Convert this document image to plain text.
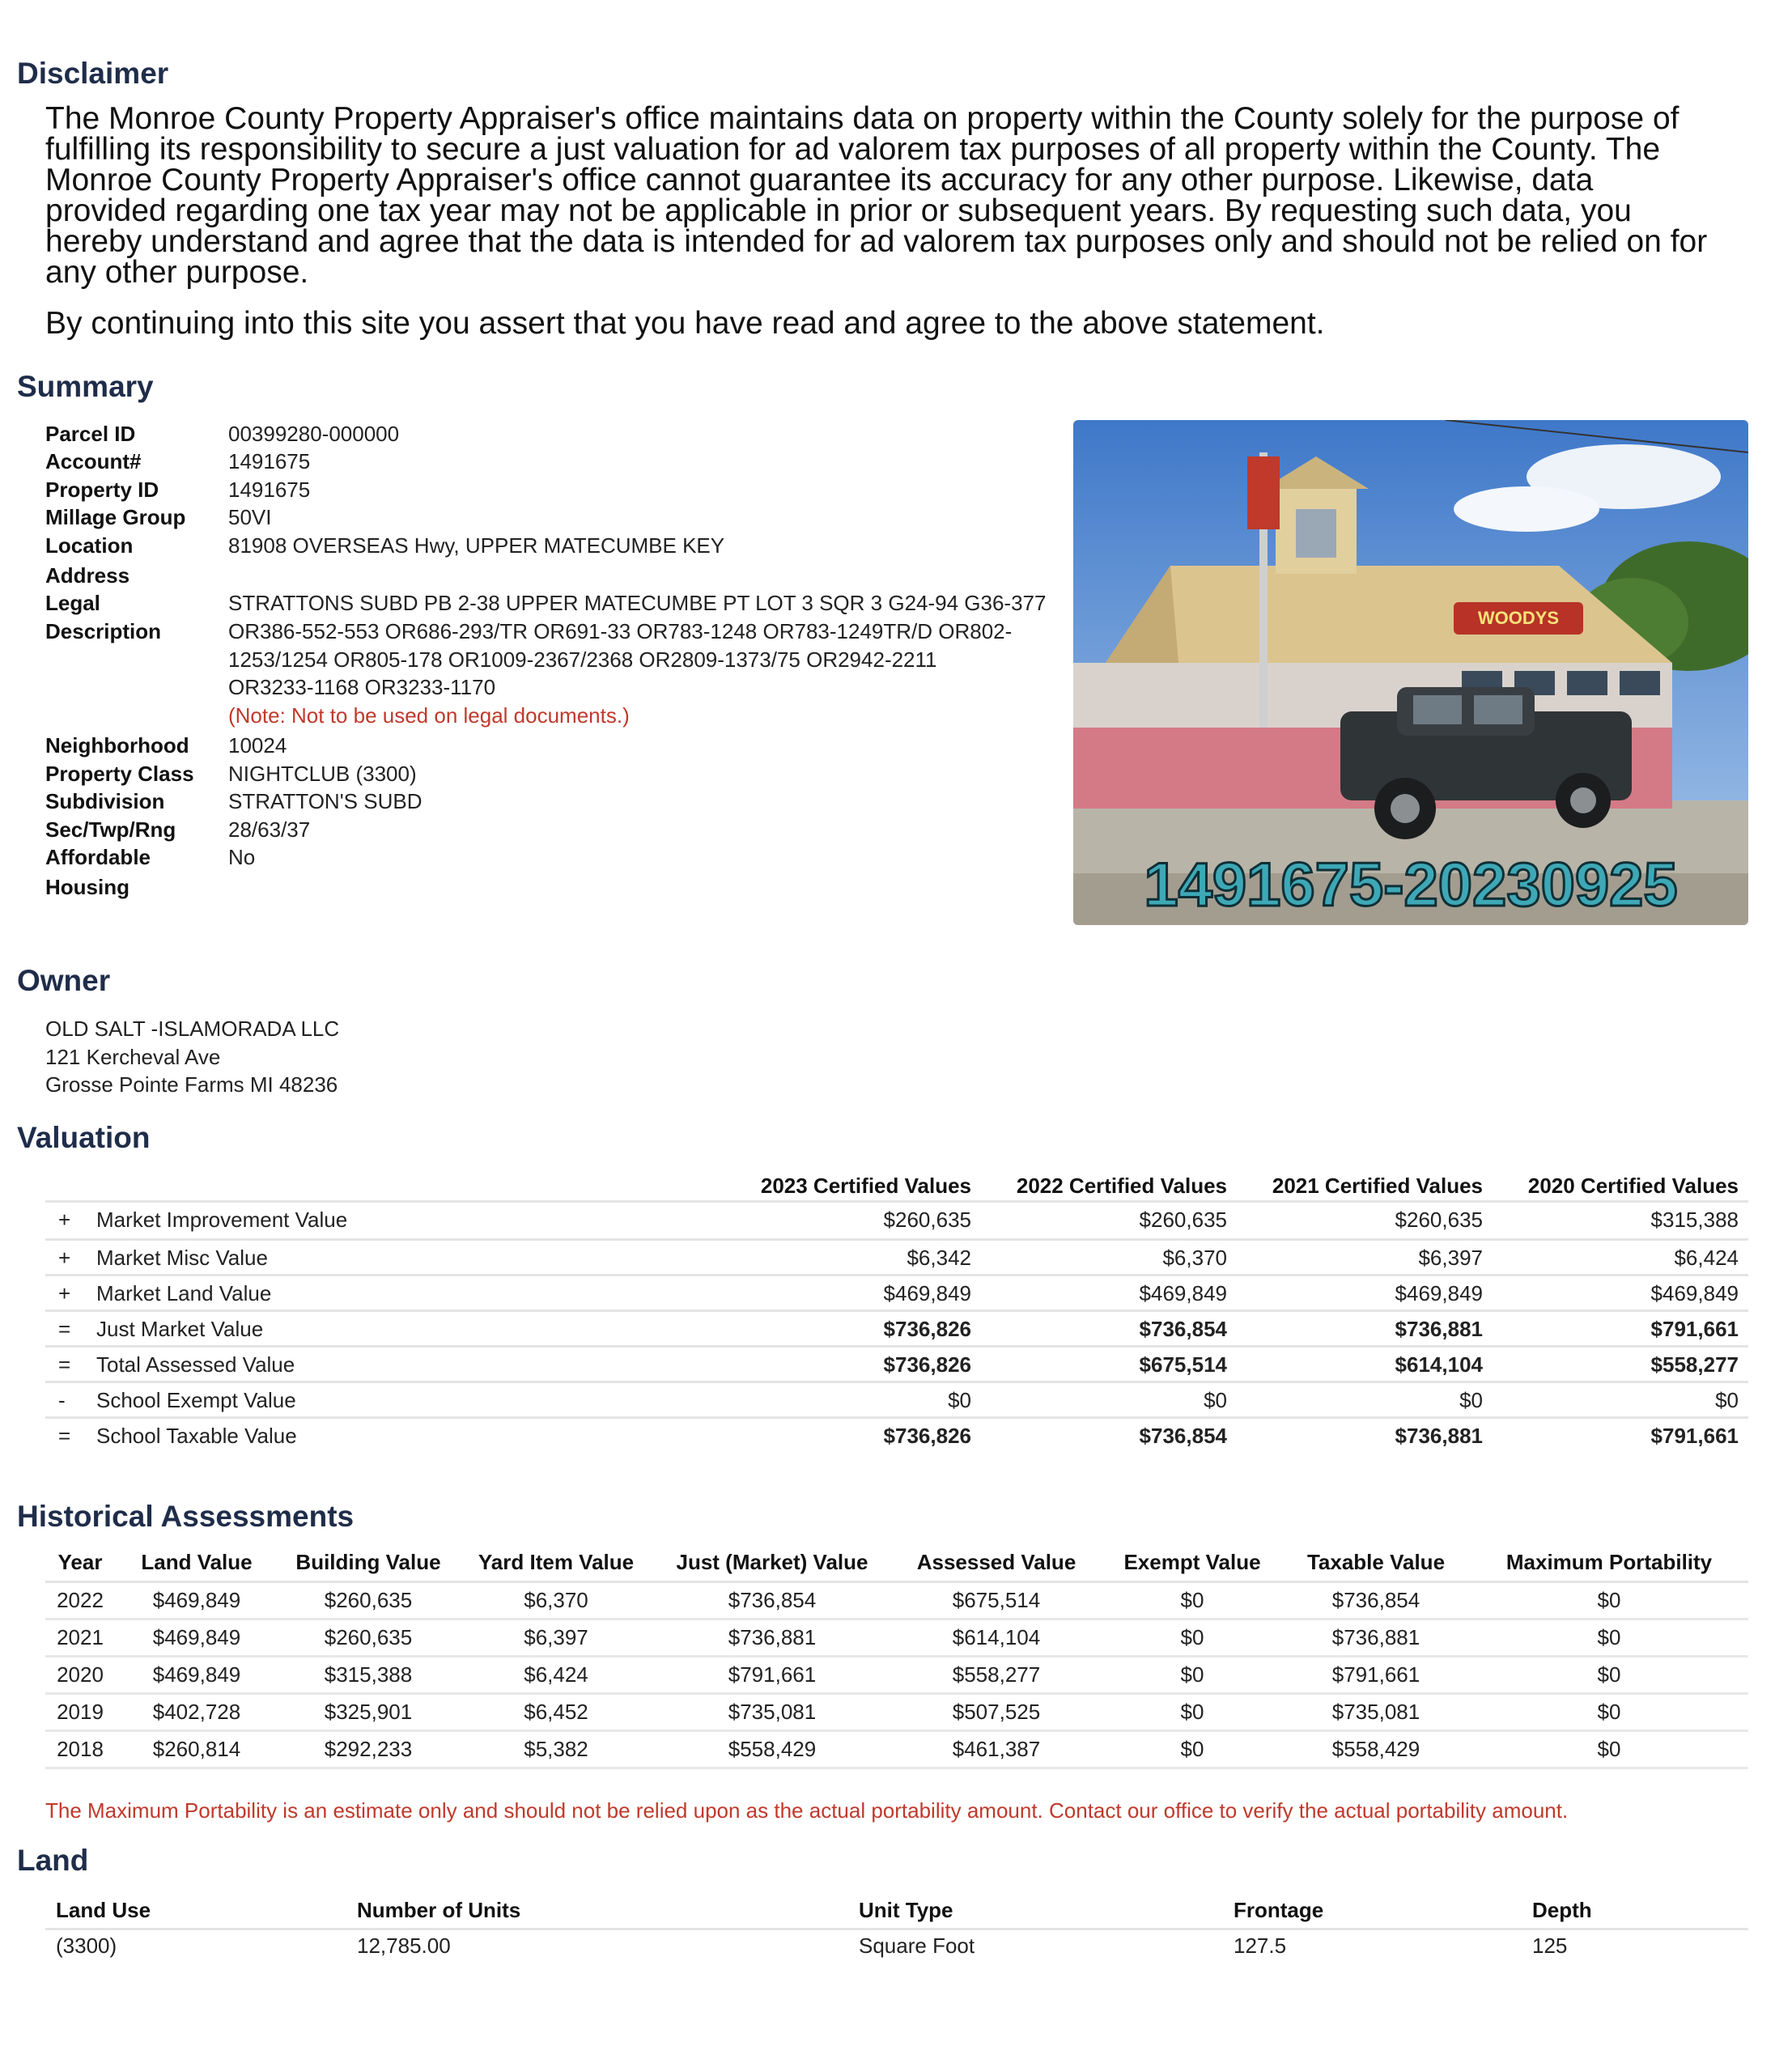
Disclaimer
The Monroe County Property Appraiser's office maintains data on property within the County solely for the purpose of
fulfilling its responsibility to secure a just valuation for ad valorem tax purposes of all property within the County. The
Monroe County Property Appraiser's office cannot guarantee its accuracy for any other purpose. Likewise, data
provided regarding one tax year may not be applicable in prior or subsequent years. By requesting such data, you
hereby understand and agree that the data is intended for ad valorem tax purposes only and should not be relied on for
any other purpose.
By continuing into this site you assert that you have read and agree to the above statement.
Summary
Parcel ID	00399280-000000
Account#	1491675
Property ID	1491675
Millage Group	50VI
Location	81908 OVERSEAS Hwy, UPPER MATECUMBE KEY
Address
Legal	STRATTONS SUBD PB 2-38 UPPER MATECUMBE PT LOT 3 SQR 3 G24-94 G36-377
Description	OR386-552-553 OR686-293/TR OR691-33 OR783-1248 OR783-1249TR/D OR802-
1253/1254 OR805-178 OR1009-2367/2368 OR2809-1373/75 OR2942-2211
OR3233-1168 OR3233-1170
(Note: Not to be used on legal documents.)
Neighborhood	10024
Property Class	NIGHTCLUB (3300)
Subdivision	STRATTON'S SUBD
Sec/Twp/Rng	28/63/37
Affordable	No
Housing
WOODYS
1491675-20230925
Owner
OLD SALT -ISLAMORADA LLC
121 Kercheval Ave
Grosse Pointe Farms MI 48236
Valuation
2023 Certified Values	2022 Certified Values	2021 Certified Values	2020 Certified Values
+ Market Improvement Value	$260,635	$260,635	$260,635	$315,388
+ Market Misc Value	$6,342	$6,370	$6,397	$6,424
+ Market Land Value	$469,849	$469,849	$469,849	$469,849
= Just Market Value	$736,826	$736,854	$736,881	$791,661
= Total Assessed Value	$736,826	$675,514	$614,104	$558,277
- School Exempt Value	$0	$0	$0	$0
= School Taxable Value	$736,826	$736,854	$736,881	$791,661
Historical Assessments
Year	Land Value	Building Value	Yard Item Value	Just (Market) Value	Assessed Value	Exempt Value	Taxable Value	Maximum Portability
2022	$469,849	$260,635	$6,370	$736,854	$675,514	$0	$736,854	$0
2021	$469,849	$260,635	$6,397	$736,881	$614,104	$0	$736,881	$0
2020	$469,849	$315,388	$6,424	$791,661	$558,277	$0	$791,661	$0
2019	$402,728	$325,901	$6,452	$735,081	$507,525	$0	$735,081	$0
2018	$260,814	$292,233	$5,382	$558,429	$461,387	$0	$558,429	$0
The Maximum Portability is an estimate only and should not be relied upon as the actual portability amount. Contact our office to verify the actual portability amount.
Land
Land Use	Number of Units	Unit Type	Frontage	Depth
(3300)	12,785.00	Square Foot	127.5	125
